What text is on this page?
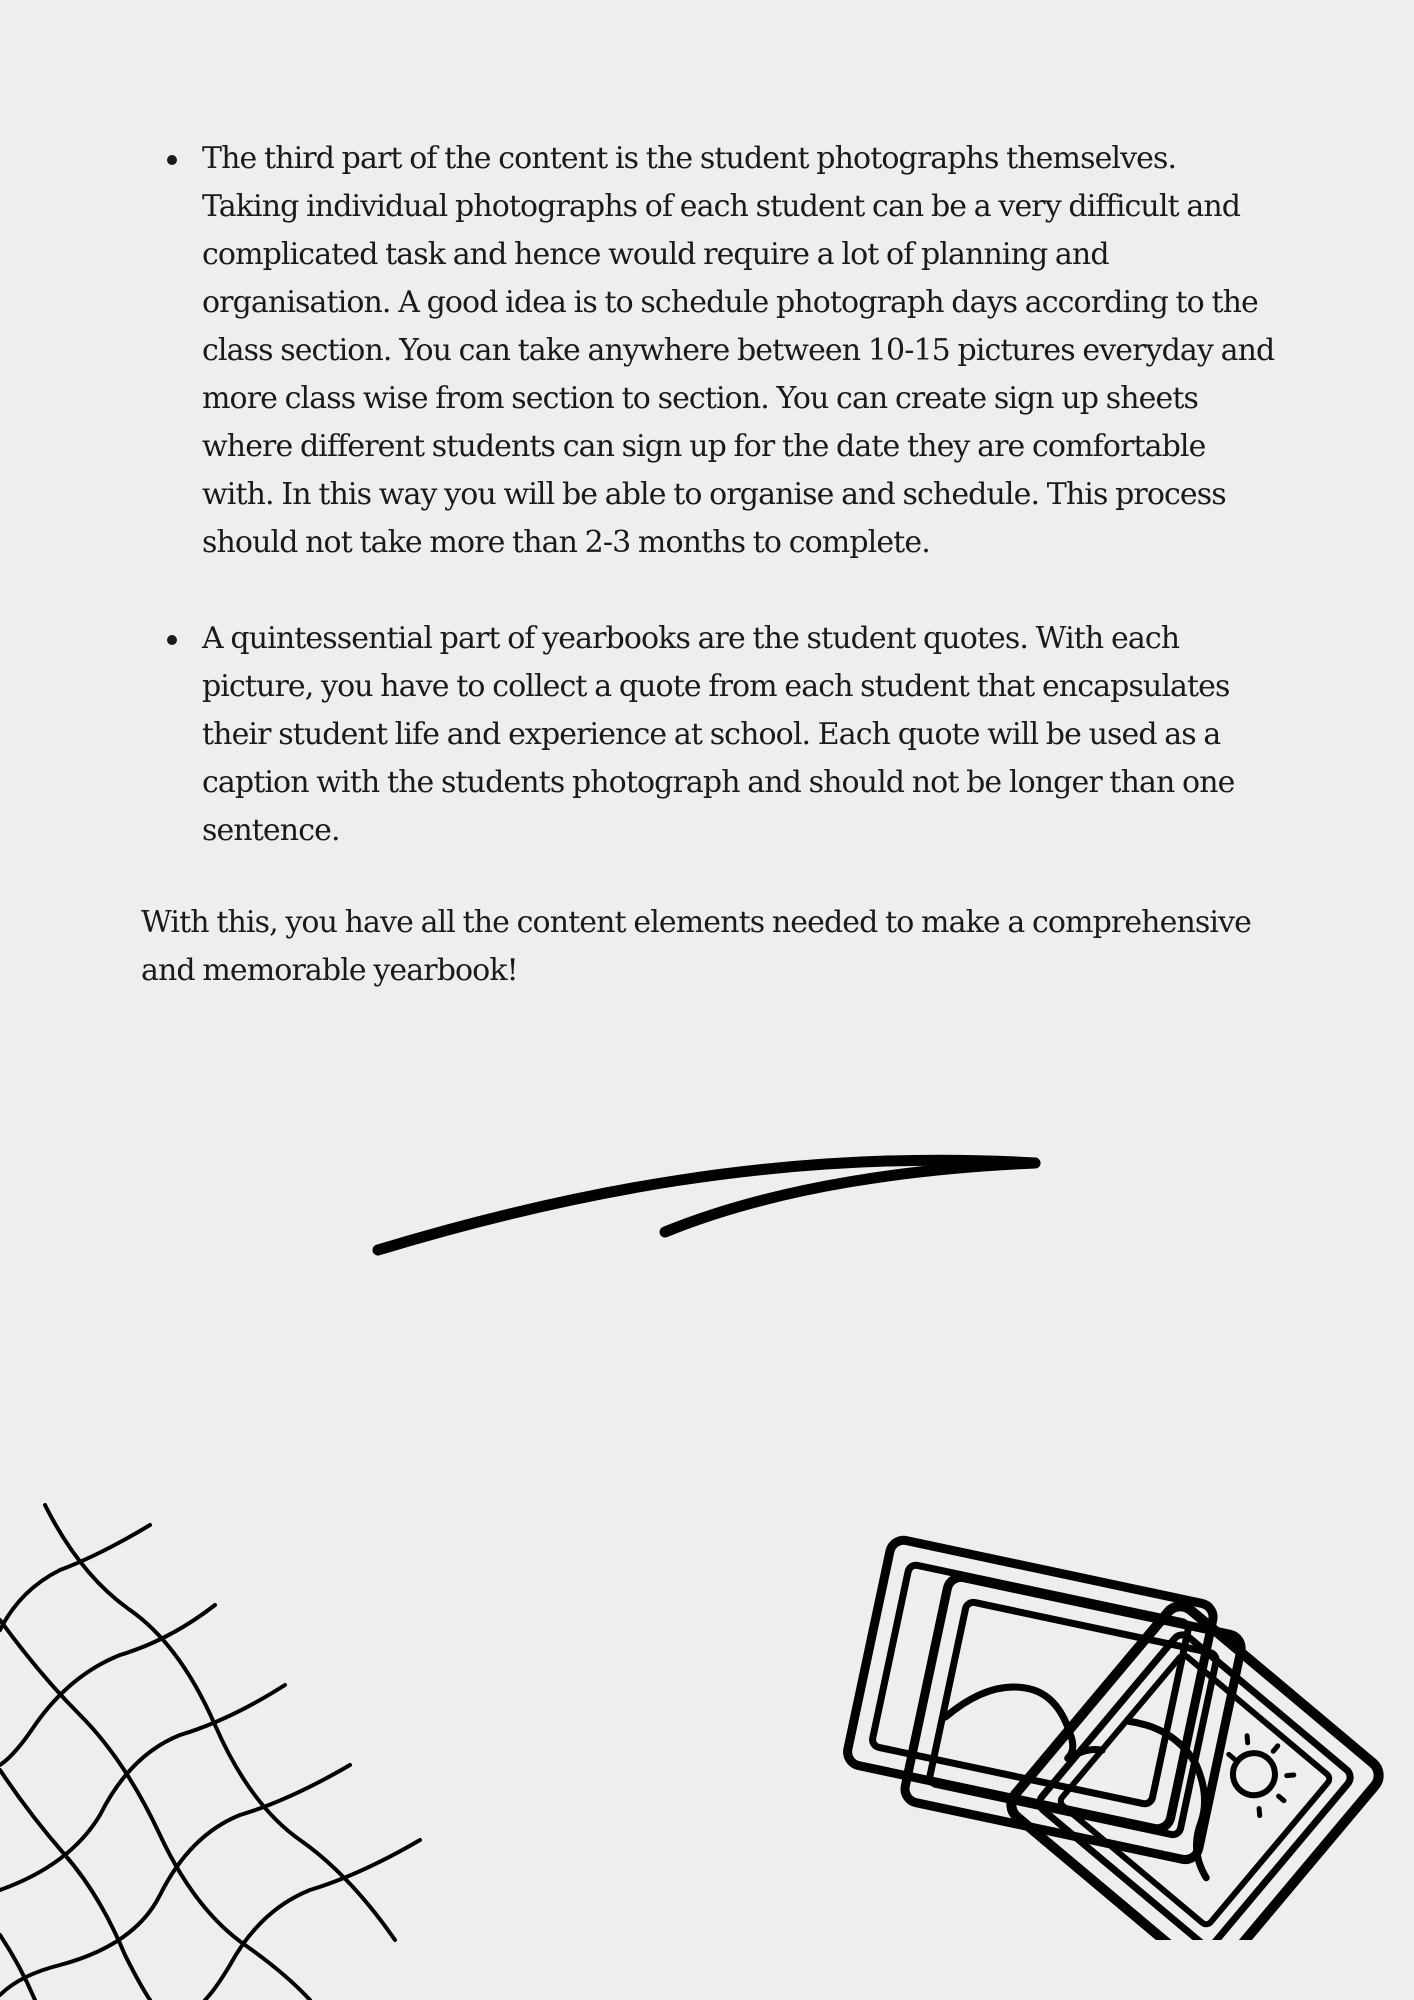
The third part of the content is the student photographs themselves. Taking individual photographs of each student can be a very difficult and complicated task and hence would require a lot of planning and organisation. A good idea is to schedule photograph days according to the class section. You can take anywhere between 10-15 pictures everyday and more class wise from section to section. You can create sign up sheets where different students can sign up for the date they are comfortable with. In this way you will be able to organise and schedule. This process should not take more than 2-3 months to complete.
A quintessential part of yearbooks are the student quotes. With each picture, you have to collect a quote from each student that encapsulates their student life and experience at school. Each quote will be used as a caption with the students photograph and should not be longer than one sentence.

With this, you have all the content elements needed to make a comprehensive and memorable yearbook!
